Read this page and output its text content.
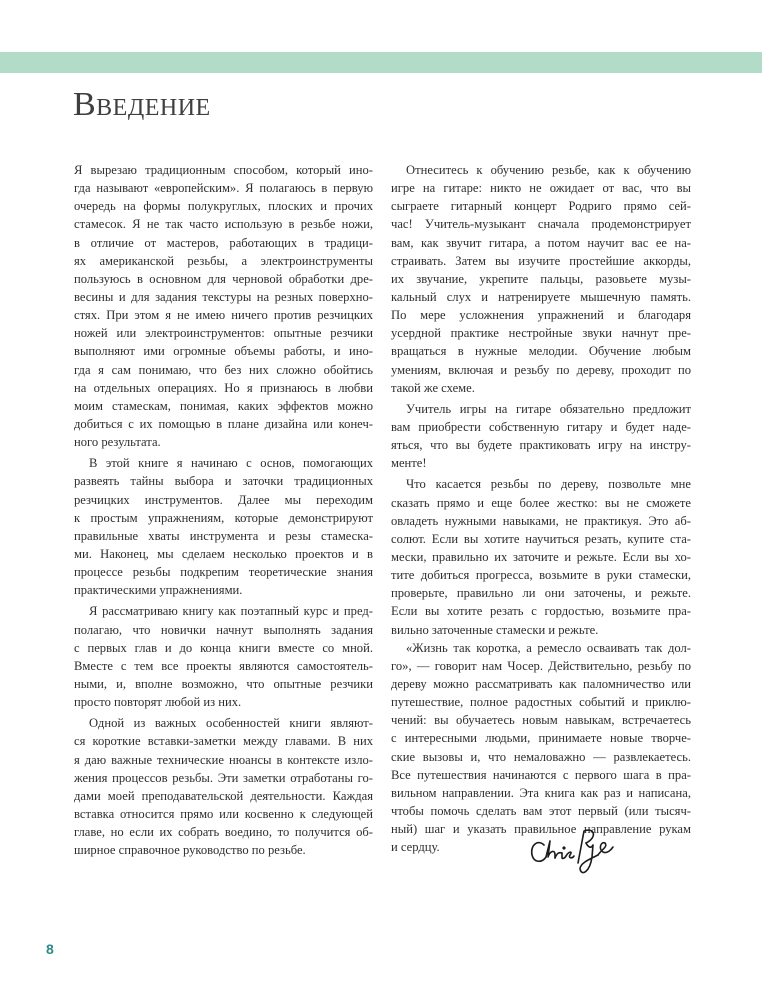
Введение
Я вырезаю традиционным способом, который ино-
гда называют «европейским». Я полагаюсь в первую
очередь на формы полукруглых, плоских и прочих
стамесок. Я не так часто использую в резьбе ножи,
в отличие от мастеров, работающих в традици-
ях американской резьбы, а электроинструменты
пользуюсь в основном для черновой обработки дре-
весины и для задания текстуры на резных поверхно-
стях. При этом я не имею ничего против резчицких
ножей или электроинструментов: опытные резчики
выполняют ими огромные объемы работы, и ино-
гда я сам понимаю, что без них сложно обойтись
на отдельных операциях. Но я признаюсь в любви
моим стамескам, понимая, каких эффектов можно
добиться с их помощью в плане дизайна или конеч-
ного результата.
В этой книге я начинаю с основ, помогающих
развеять тайны выбора и заточки традиционных
резчицких инструментов. Далее мы переходим
к простым упражнениям, которые демонстрируют
правильные хваты инструмента и резы стамеска-
ми. Наконец, мы сделаем несколько проектов и в
процессе резьбы подкрепим теоретические знания
практическими упражнениями.
Я рассматриваю книгу как поэтапный курс и пред-
полагаю, что новички начнут выполнять задания
с первых глав и до конца книги вместе со мной.
Вместе с тем все проекты являются самостоятель-
ными, и, вполне возможно, что опытные резчики
просто повторят любой из них.
Одной из важных особенностей книги являют-
ся короткие вставки-заметки между главами. В них
я даю важные технические нюансы в контексте изло-
жения процессов резьбы. Эти заметки отработаны го-
дами моей преподавательской деятельности. Каждая
вставка относится прямо или косвенно к следующей
главе, но если их собрать воедино, то получится об-
ширное справочное руководство по резьбе.
Отнеситесь к обучению резьбе, как к обучению
игре на гитаре: никто не ожидает от вас, что вы
сыграете гитарный концерт Родриго прямо сей-
час! Учитель-музыкант сначала продемонстрирует
вам, как звучит гитара, а потом научит вас ее на-
страивать. Затем вы изучите простейшие аккорды,
их звучание, укрепите пальцы, разовьете музы-
кальный слух и натренируете мышечную память.
По мере усложнения упражнений и благодаря
усердной практике нестройные звуки начнут пре-
вращаться в нужные мелодии. Обучение любым
умениям, включая и резьбу по дереву, проходит по
такой же схеме.
Учитель игры на гитаре обязательно предложит
вам приобрести собственную гитару и будет наде-
яться, что вы будете практиковать игру на инстру-
менте!
Что касается резьбы по дереву, позвольте мне
сказать прямо и еще более жестко: вы не сможете
овладеть нужными навыками, не практикуя. Это аб-
солют. Если вы хотите научиться резать, купите ста-
мески, правильно их заточите и режьте. Если вы хо-
тите добиться прогресса, возьмите в руки стамески,
проверьте, правильно ли они заточены, и режьте.
Если вы хотите резать с гордостью, возьмите пра-
вильно заточенные стамески и режьте.
«Жизнь так коротка, а ремесло осваивать так дол-
го», — говорит нам Чосер. Действительно, резьбу по
дереву можно рассматривать как паломничество или
путешествие, полное радостных событий и приклю-
чений: вы обучаетесь новым навыкам, встречаетесь
с интересными людьми, принимаете новые творче-
ские вызовы и, что немаловажно — развлекаетесь.
Все путешествия начинаются с первого шага в пра-
вильном направлении. Эта книга как раз и написана,
чтобы помочь сделать вам этот первый (или тысяч-
ный) шаг и указать правильное направление рукам
и сердцу.
8
